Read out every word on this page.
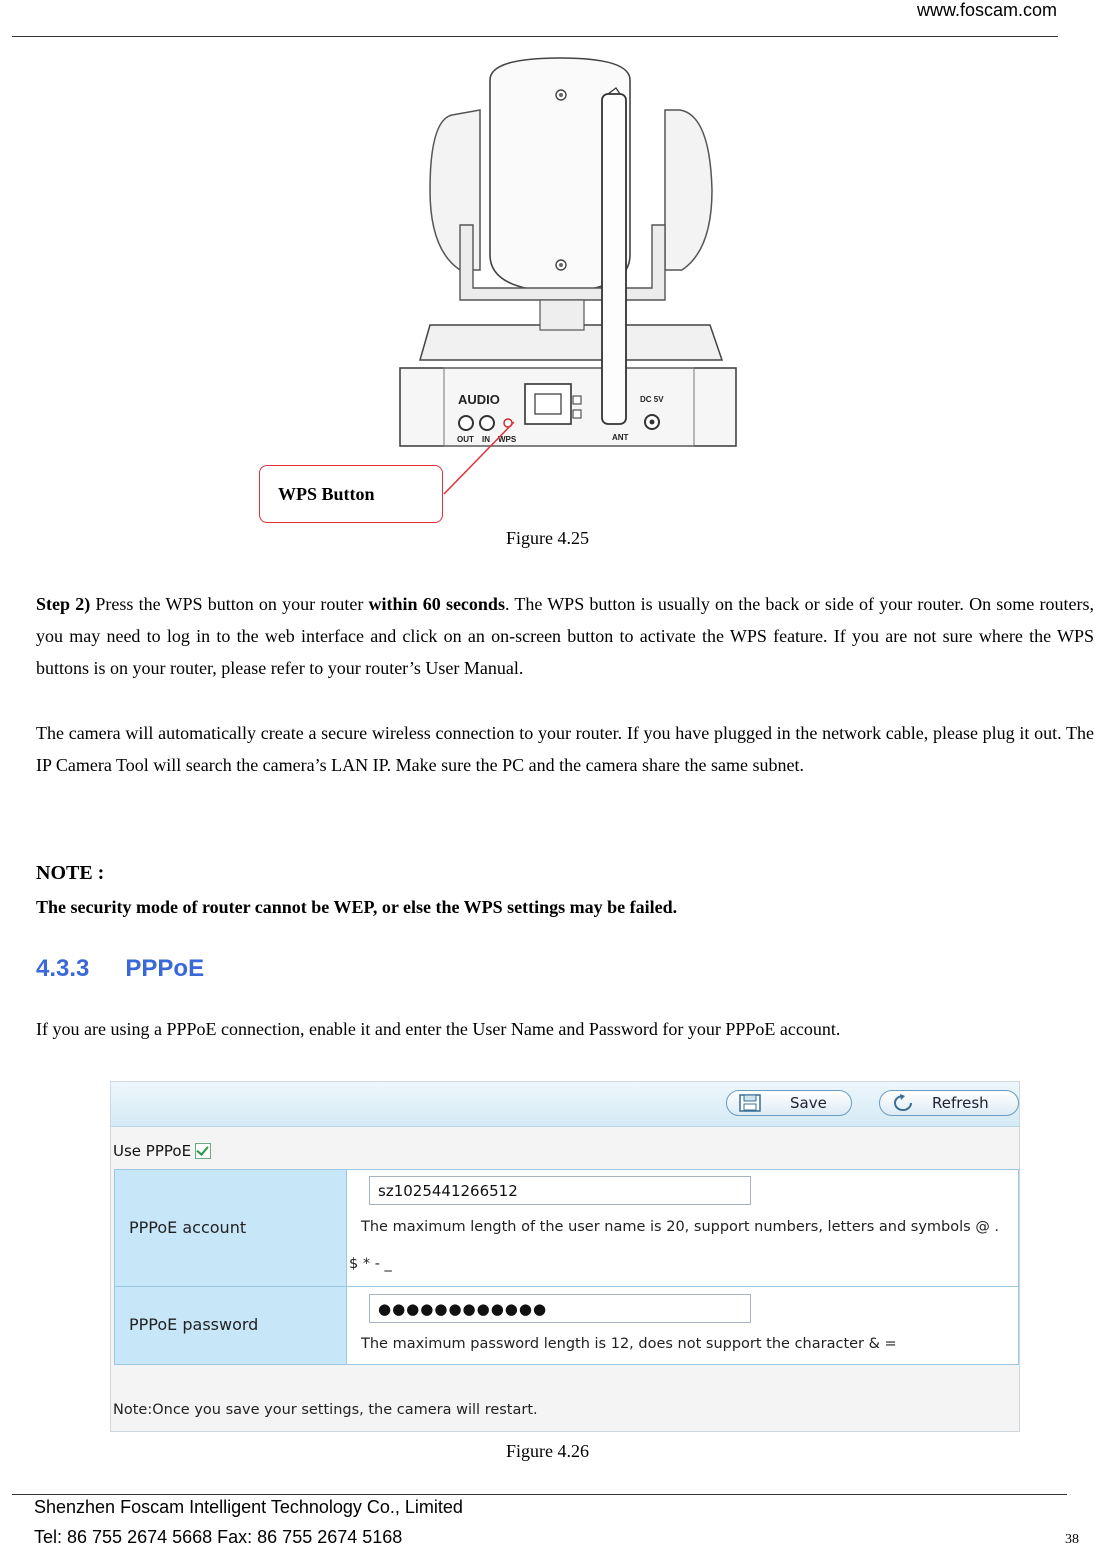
www.foscam.com
AUDIO
OUT IN WPS
DC 5V
ANT
WPS Button
Figure 4.25
Step 2) Press the WPS button on your router within 60 seconds. The WPS button is usually on the back or side of your router. On some routers, you may need to log in to the web interface and click on an on-screen button to activate the WPS feature. If you are not sure where the WPS buttons is on your router, please refer to your router’s User Manual.
The camera will automatically create a secure wireless connection to your router. If you have plugged in the network cable, please plug it out. The IP Camera Tool will search the camera’s LAN IP. Make sure the PC and the camera share the same subnet.
NOTE :
The security mode of router cannot be WEP, or else the WPS settings may be failed.
4.3.3 PPPoE
If you are using a PPPoE connection, enable it and enter the User Name and Password for your PPPoE account.
Save	Refresh
Use PPPoE
PPPoE account
sz1025441266512
The maximum length of the user name is 20, support numbers, letters and symbols @ .
$ * - _
PPPoE password
●●●●●●●●●●●●
The maximum password length is 12, does not support the character & =
Note:Once you save your settings, the camera will restart.
Figure 4.26
Shenzhen Foscam Intelligent Technology Co., Limited
Tel: 86 755 2674 5668 Fax: 86 755 2674 5168	38
